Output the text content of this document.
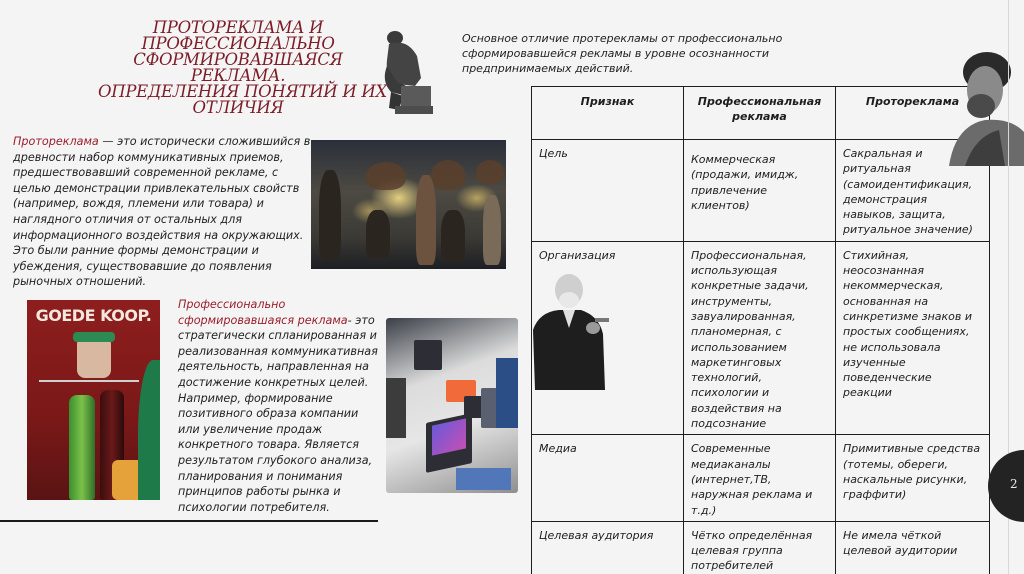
ПРОТОРЕКЛАМА И
ПРОФЕССИОНАЛЬНО
СФОРМИРОВАВШАЯСЯ
РЕКЛАМА.
ОПРЕДЕЛЕНИЯ ПОНЯТИЙ И ИХ
ОТЛИЧИЯ
Протореклама — это исторически сложившийся в древности набор коммуникативных приемов, предшествовавший современной рекламе, с целью демонстрации привлекательных свойств (например, вождя, племени или товара) и наглядного отличия от остальных для информационного воздействия на окружающих. Это были ранние формы демонстрации и убеждения, существовавшие до появления рыночных отношений.
GOEDE KOOP.
Профессионально сформировавшаяся реклама- это стратегически спланированная и реализованная коммуникативная деятельность, направленная на достижение конкретных целей. Например, формирование позитивного образа компании или увеличение продаж конкретного товара. Является результатом глубокого анализа, планирования и понимания принципов работы рынка и психологии потребителя.
Основное отличие протерекламы от профессионально сформировавшейся рекламы в уровне осознанности предпринимаемых действий.
Признак	Профессиональная реклама	Протореклама
Цель	Коммерческая (продажи, имидж, привлечение клиентов)	Сакральная и ритуальная (самоидентификация, демонстрация навыков, защита, ритуальное значение)
Организация	Профессиональная, использующая конкретные задачи, инструменты, завуалированная, планомерная, с использованием маркетинговых технологий, психологии и воздействия на подсознание	Стихийная, неосознанная некоммерческая, основанная на синкретизме знаков и простых сообщениях, не использовала изученные поведенческие реакции
Медиа	Современные медиаканалы (интернет,ТВ, наружная реклама и т.д.)	Примитивные средства (тотемы, обереги, наскальные рисунки, граффити)
Целевая аудитория	Чётко определённая целевая группа потребителей	Не имела чёткой целевой аудитории
2
